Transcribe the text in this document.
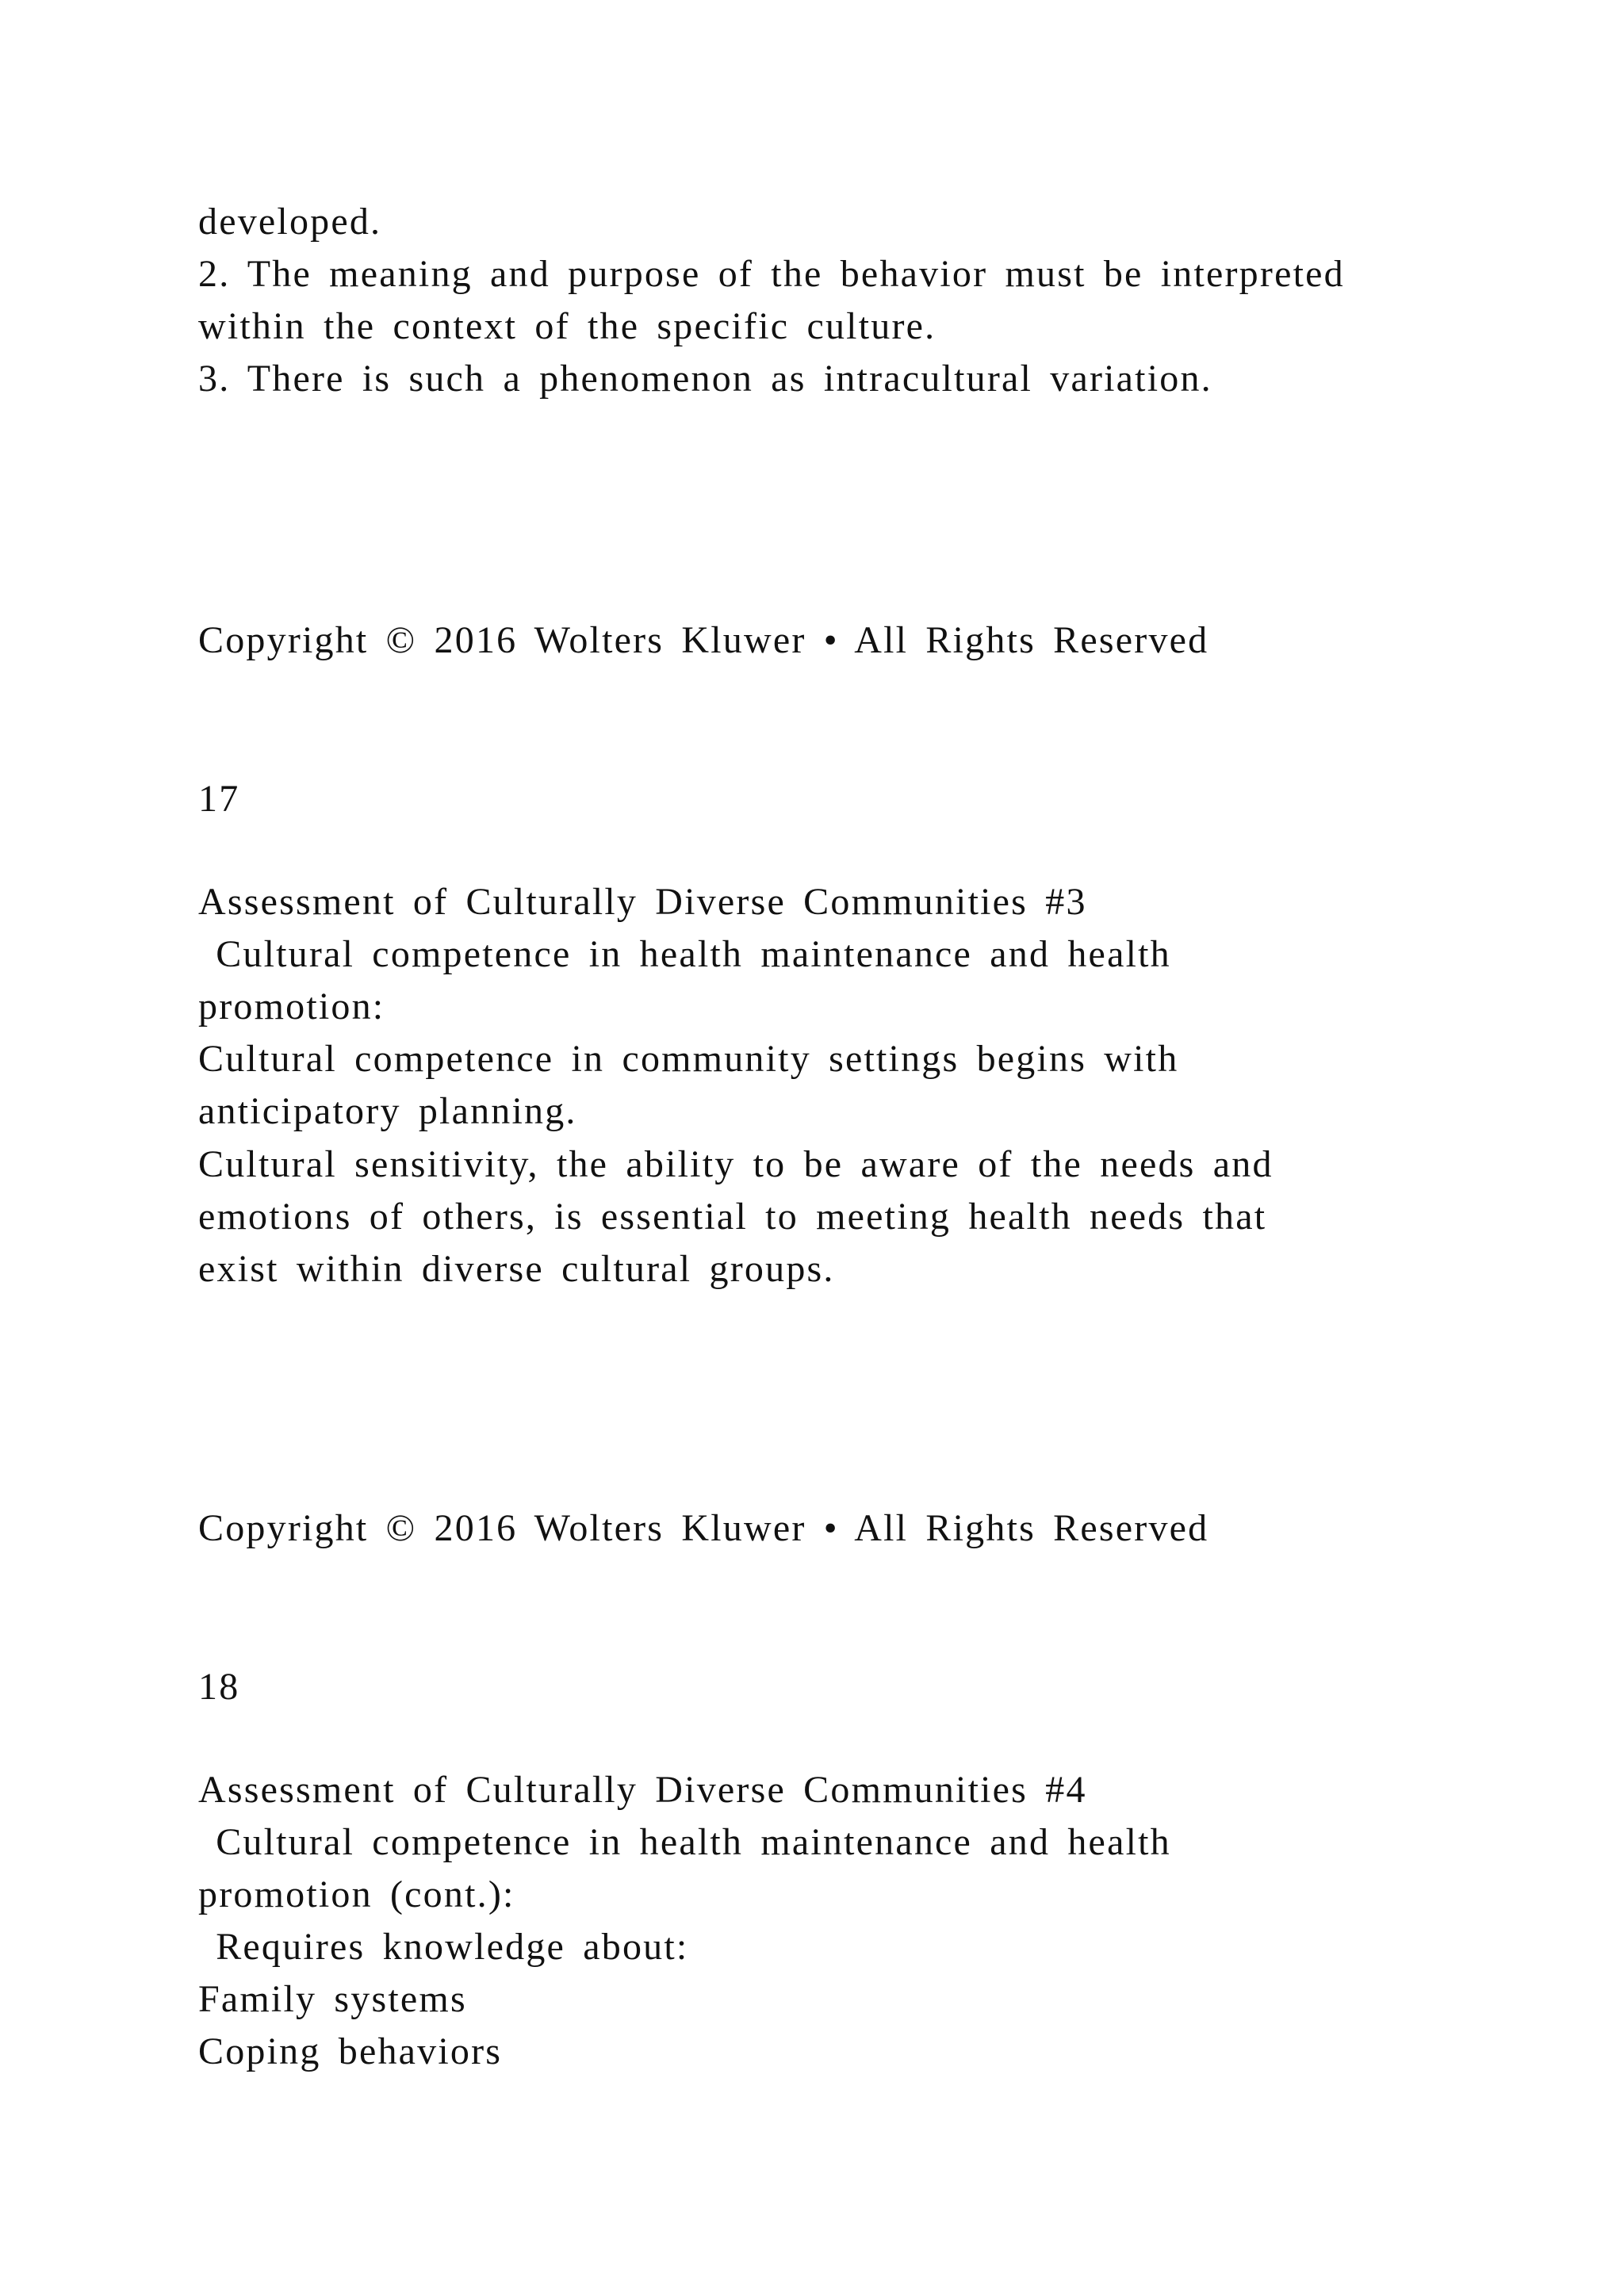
developed.
2. The meaning and purpose of the behavior must be interpreted
within the context of the specific culture.
3. There is such a phenomenon as intracultural variation.
Copyright © 2016 Wolters Kluwer • All Rights Reserved
17
Assessment of Culturally Diverse Communities #3
Cultural competence in health maintenance and health
promotion:
Cultural competence in community settings begins with
anticipatory planning.
Cultural sensitivity, the ability to be aware of the needs and
emotions of others, is essential to meeting health needs that
exist within diverse cultural groups.
Copyright © 2016 Wolters Kluwer • All Rights Reserved
18
Assessment of Culturally Diverse Communities #4
Cultural competence in health maintenance and health
promotion (cont.):
Requires knowledge about:
Family systems
Coping behaviors
